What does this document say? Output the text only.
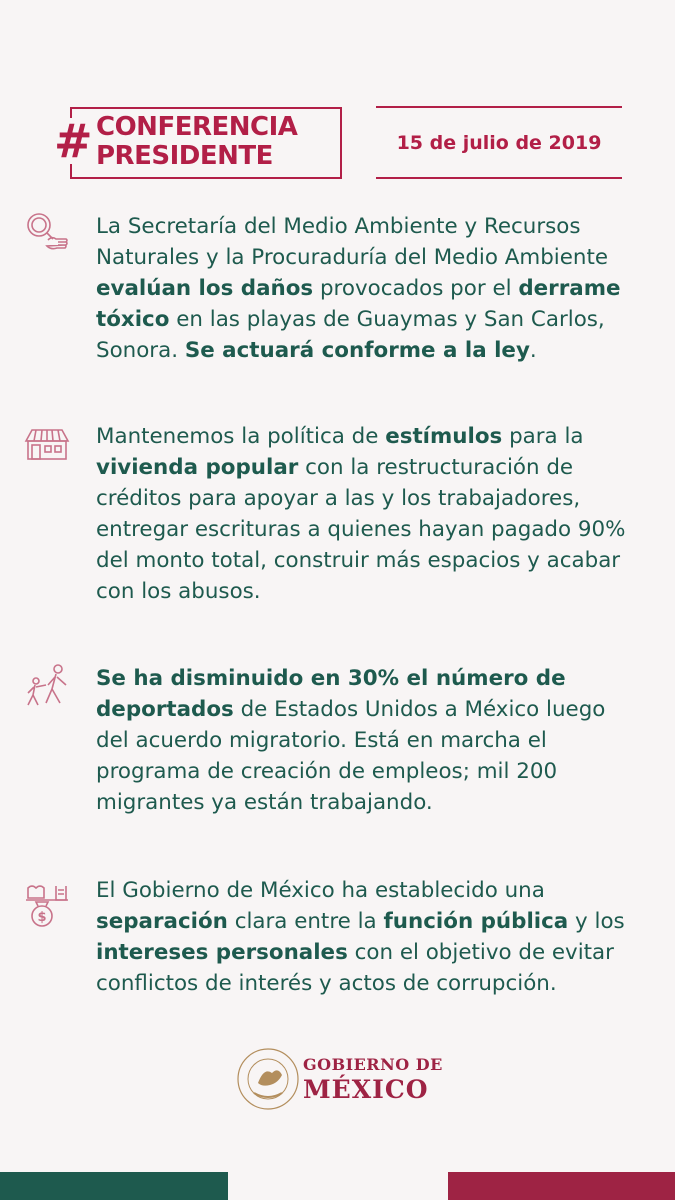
# CONFERENCIA
PRESIDENTE	15 de julio de 2019
La Secretaría del Medio Ambiente y Recursos Naturales y la Procuraduría del Medio Ambiente evalúan los daños provocados por el derrame tóxico en las playas de Guaymas y San Carlos, Sonora. Se actuará conforme a la ley.
Mantenemos la política de estímulos para la vivienda popular con la restructuración de créditos para apoyar a las y los trabajadores, entregar escrituras a quienes hayan pagado 90% del monto total, construir más espacios y acabar con los abusos.
Se ha disminuido en 30% el número de deportados de Estados Unidos a México luego del acuerdo migratorio. Está en marcha el programa de creación de empleos; mil 200 migrantes ya están trabajando.
$
El Gobierno de México ha establecido una separación clara entre la función pública y los intereses personales con el objetivo de evitar conflictos de interés y actos de corrupción.
GOBIERNO DE
MÉXICO
